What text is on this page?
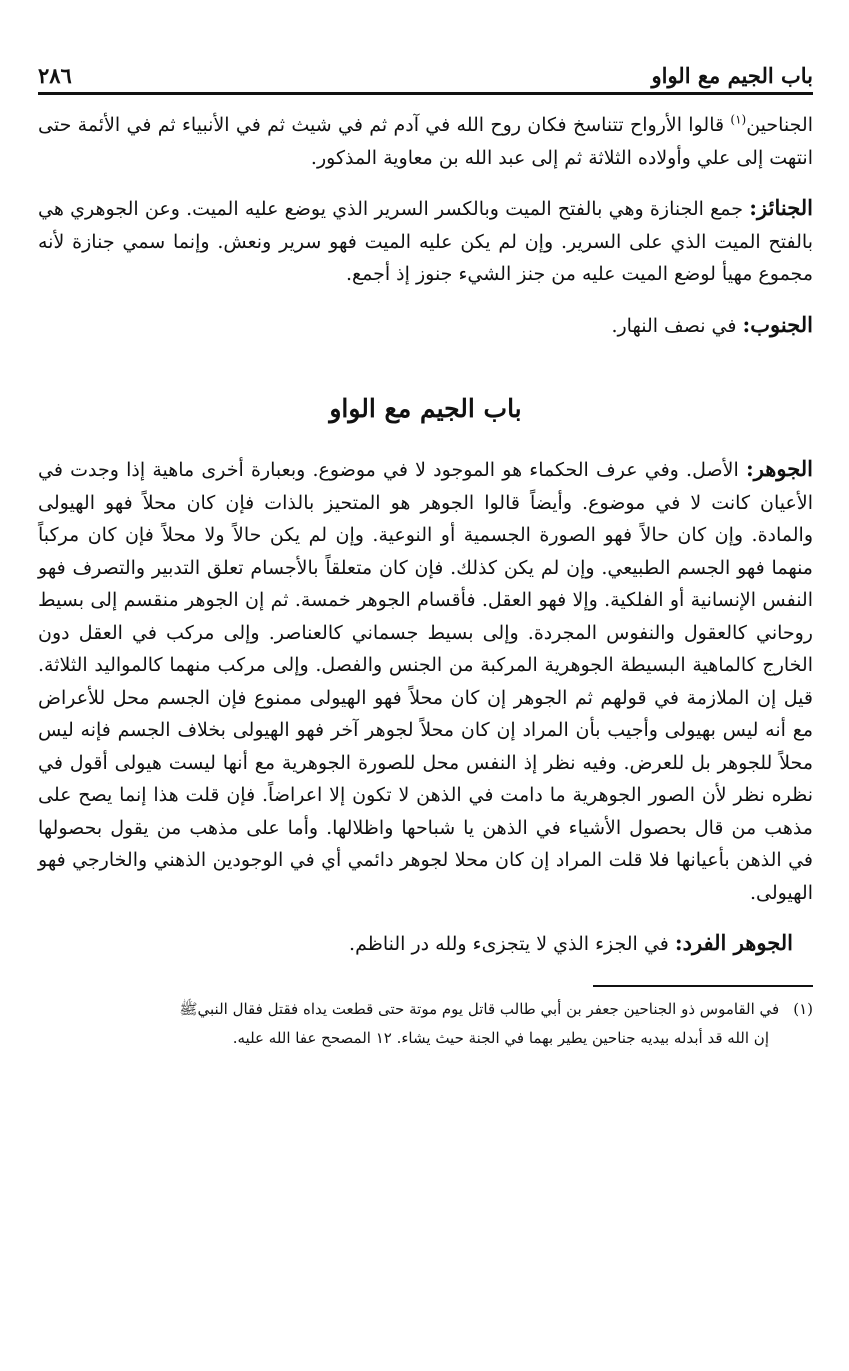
باب الجيم مع الواو
٢٨٦

الجناحين$^{(١)}$ قالوا الأرواح تتناسخ فكان روح الله في آدم ثم في شيث ثم في الأنبياء ثم في الأئمة حتى انتهت إلى علي وأولاده الثلاثة ثم إلى عبد الله بن معاوية المذكور.

الجنائز: جمع الجنازة وهي بالفتح الميت وبالكسر السرير الذي يوضع عليه الميت. وعن الجوهري هي بالفتح الميت الذي على السرير. وإن لم يكن عليه الميت فهو سرير ونعش. وإنما سمي جنازة لأنه مجموع مهيأ لوضع الميت عليه من جنز الشيء جنوز إذ أجمع.

الجنوب: في نصف النهار.

باب الجيم مع الواو

الجوهر: الأصل. وفي عرف الحكماء هو الموجود لا في موضوع. وبعبارة أخرى ماهية إذا وجدت في الأعيان كانت لا في موضوع. وأيضاً قالوا الجوهر هو المتحيز بالذات فإن كان محلاً فهو الهيولى والمادة. وإن كان حالاً فهو الصورة الجسمية أو النوعية. وإن لم يكن حالاً ولا محلاً فإن كان مركباً منهما فهو الجسم الطبيعي. وإن لم يكن كذلك. فإن كان متعلقاً بالأجسام تعلق التدبير والتصرف فهو النفس الإنسانية أو الفلكية. وإلا فهو العقل. فأقسام الجوهر خمسة. ثم إن الجوهر منقسم إلى بسيط روحاني كالعقول والنفوس المجردة. وإلى بسيط جسماني كالعناصر. وإلى مركب في العقل دون الخارج كالماهية البسيطة الجوهرية المركبة من الجنس والفصل. وإلى مركب منهما كالمواليد الثلاثة. قيل إن الملازمة في قولهم ثم الجوهر إن كان محلاً فهو الهيولى ممنوع فإن الجسم محل للأعراض مع أنه ليس بهيولى وأجيب بأن المراد إن كان محلاً لجوهر آخر فهو الهيولى بخلاف الجسم فإنه ليس محلاً للجوهر بل للعرض. وفيه نظر إذ النفس محل للصورة الجوهرية مع أنها ليست هيولى أقول في نظره نظر لأن الصور الجوهرية ما دامت في الذهن لا تكون إلا اعراضاً. فإن قلت هذا إنما يصح على مذهب من قال بحصول الأشياء في الذهن يا شباحها واظلالها. وأما على مذهب من يقول بحصولها في الذهن بأعيانها فلا قلت المراد إن كان محلا لجوهر دائمي أي في الوجودين الذهني والخارجي فهو الهيولى.

الجوهر الفرد: في الجزء الذي لا يتجزىء ولله در الناظم.

(١)في القاموس ذو الجناحين جعفر بن أبي طالب قاتل يوم موتة حتى قطعت يداه فقتل فقال النبيﷺ
إن الله قد أبدله بيديه جناحين يطير بهما في الجنة حيث يشاء. ١٢ المصحح عفا الله عليه.
